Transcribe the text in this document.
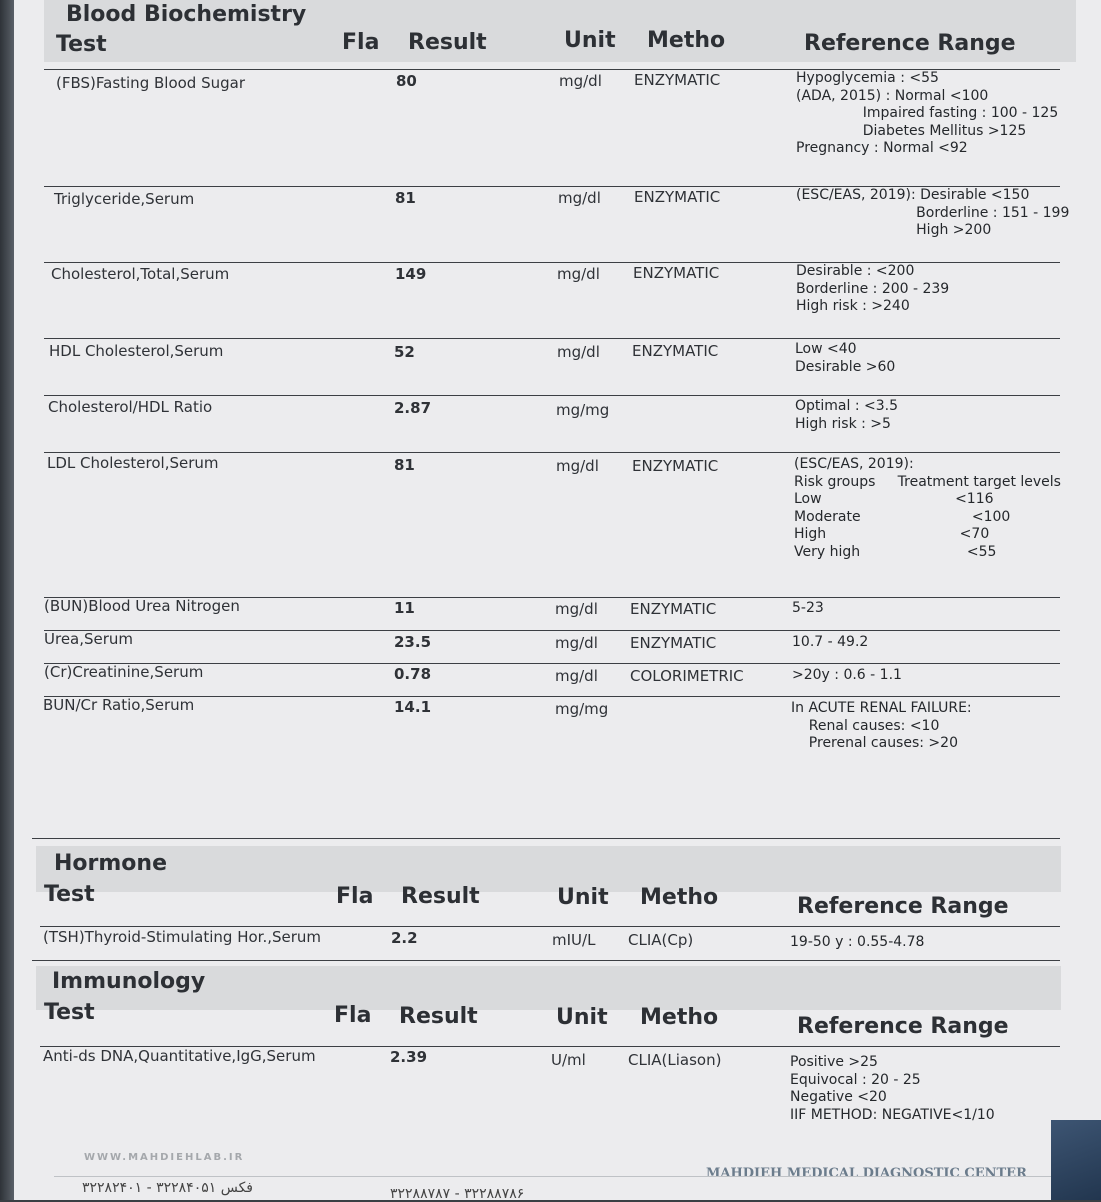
Blood Biochemistry
Test	Fla Result	Unit Metho	Reference Range
(FBS)Fasting Blood Sugar	80	mg/dl ENZYMATIC	Hypoglycemia : <55
(ADA, 2015) : Normal <100
Impaired fasting : 100 - 125
Diabetes Mellitus >125
Pregnancy : Normal <92
Triglyceride,Serum	81	mg/dl ENZYMATIC	(ESC/EAS, 2019): Desirable <150
Borderline : 151 - 199
High >200
Cholesterol,Total,Serum	149	mg/dl ENZYMATIC	Desirable : <200
Borderline : 200 - 239
High risk : >240
HDL Cholesterol,Serum	52	mg/dl ENZYMATIC	Low <40
Desirable >60
Cholesterol/HDL Ratio	2.87	mg/mg	Optimal : <3.5
High risk : >5
LDL Cholesterol,Serum	81	mg/dl ENZYMATIC	(ESC/EAS, 2019):
Risk groups     Treatment target levels
Low                              <116
Moderate                         <100
High                              <70
Very high                        <55
(BUN)Blood Urea Nitrogen	11	mg/dl ENZYMATIC	5-23
Urea,Serum	23.5	mg/dl ENZYMATIC	10.7 - 49.2
(Cr)Creatinine,Serum	0.78	mg/dl COLORIMETRIC	>20y : 0.6 - 1.1
BUN/Cr Ratio,Serum	14.1	mg/mg	In ACUTE RENAL FAILURE:
Renal causes: <10
Prerenal causes: >20
Hormone
Test	Fla Result	Unit Metho	Reference Range
(TSH)Thyroid-Stimulating Hor.,Serum	2.2	mIU/L CLIA(Cp)	19-50 y : 0.55-4.78
Immunology
Test	Fla Result	Unit Metho	Reference Range
Anti-ds DNA,Quantitative,IgG,Serum	2.39	U/ml	CLIA(Liason)	Positive >25
Equivocal : 20 - 25
Negative <20
IIF METHOD: NEGATIVE<1/10
WWW.MAHDIEHLAB.IR
MAHDIEH MEDICAL DIAGNOSTIC CENTER
۳۲۲۸۲۴۰۱ - ۳۲۲۸۴۰۵۱ فکس	۳۲۲۸۸۷۸۷ - ۳۲۲۸۸۷۸۶
